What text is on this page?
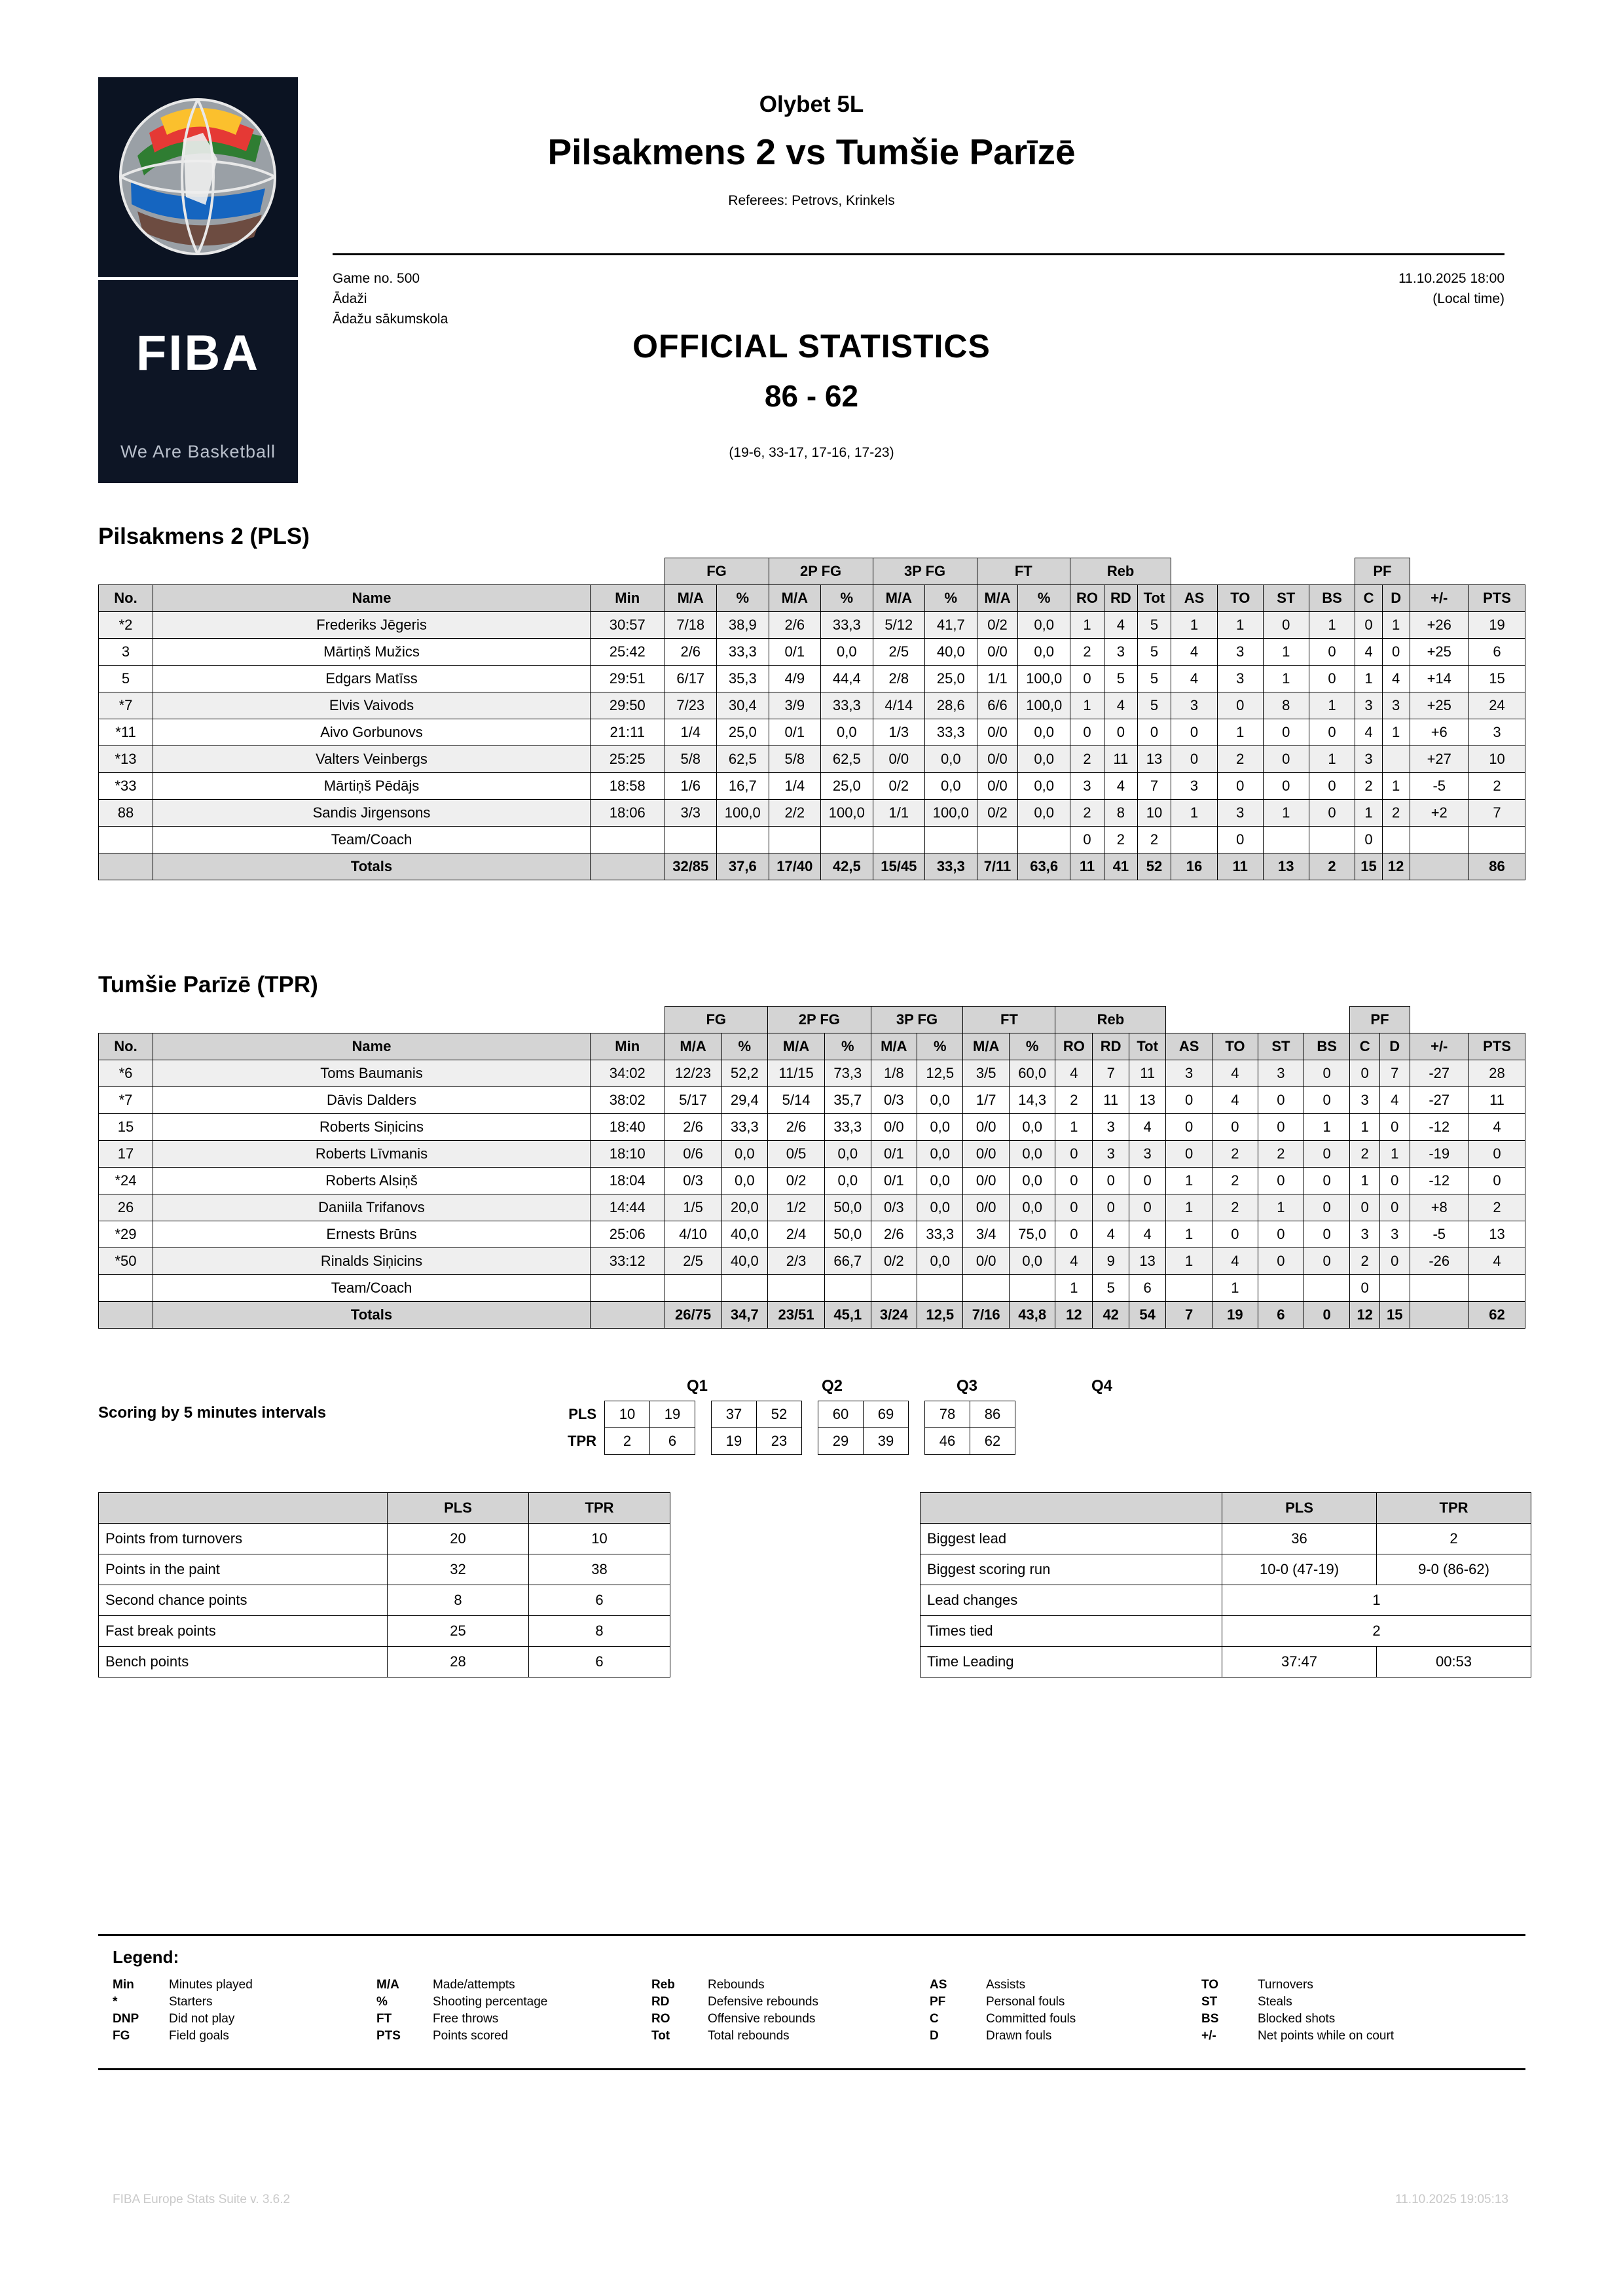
FIBA
We Are Basketball
Olybet 5L
Pilsakmens 2 vs Tumšie Parīzē
Referees: Petrovs, Krinkels
Game no. 500
Ādaži
Ādažu sākumskola
11.10.2025 18:00
(Local time)
OFFICIAL STATISTICS
86 - 62
(19-6, 33-17, 17-16, 17-23)
Pilsakmens 2 (PLS)
			FG		2P FG		3P FG		FT		Reb							PF			
No.	Name	Min	M/A	%	M/A	%	M/A	%	M/A	%	RO	RD	Tot	AS	TO	ST	BS	C	D	+/-	PTS
*2	Frederiks Jēgeris	30:57	7/18	38,9	2/6	33,3	5/12	41,7	0/2	0,0	1	4	5	1	1	0	1	0	1	+26	19
3	Mārtiņš Mužics	25:42	2/6	33,3	0/1	0,0	2/5	40,0	0/0	0,0	2	3	5	4	3	1	0	4	0	+25	6
5	Edgars Matīss	29:51	6/17	35,3	4/9	44,4	2/8	25,0	1/1	100,0	0	5	5	4	3	1	0	1	4	+14	15
*7	Elvis Vaivods	29:50	7/23	30,4	3/9	33,3	4/14	28,6	6/6	100,0	1	4	5	3	0	8	1	3	3	+25	24
*11	Aivo Gorbunovs	21:11	1/4	25,0	0/1	0,0	1/3	33,3	0/0	0,0	0	0	0	0	1	0	0	4	1	+6	3
*13	Valters Veinbergs	25:25	5/8	62,5	5/8	62,5	0/0	0,0	0/0	0,0	2	11	13	0	2	0	1	3		+27	10
*33	Mārtiņš Pēdājs	18:58	1/6	16,7	1/4	25,0	0/2	0,0	0/0	0,0	3	4	7	3	0	0	0	2	1	-5	2
88	Sandis Jirgensons	18:06	3/3	100,0	2/2	100,0	1/1	100,0	0/2	0,0	2	8	10	1	3	1	0	1	2	+2	7
	Team/Coach										0	2	2		0			0			
	Totals		32/85	37,6	17/40	42,5	15/45	33,3	7/11	63,6	11	41	52	16	11	13	2	15	12		86
Tumšie Parīzē (TPR)
			FG		2P FG		3P FG		FT		Reb							PF			
No.	Name	Min	M/A	%	M/A	%	M/A	%	M/A	%	RO	RD	Tot	AS	TO	ST	BS	C	D	+/-	PTS
*6	Toms Baumanis	34:02	12/23	52,2	11/15	73,3	1/8	12,5	3/5	60,0	4	7	11	3	4	3	0	0	7	-27	28
*7	Dāvis Dalders	38:02	5/17	29,4	5/14	35,7	0/3	0,0	1/7	14,3	2	11	13	0	4	0	0	3	4	-27	11
15	Roberts Siņicins	18:40	2/6	33,3	2/6	33,3	0/0	0,0	0/0	0,0	1	3	4	0	0	0	1	1	0	-12	4
17	Roberts Līvmanis	18:10	0/6	0,0	0/5	0,0	0/1	0,0	0/0	0,0	0	3	3	0	2	2	0	2	1	-19	0
*24	Roberts Alsiņš	18:04	0/3	0,0	0/2	0,0	0/1	0,0	0/0	0,0	0	0	0	1	2	0	0	1	0	-12	0
26	Daniila Trifanovs	14:44	1/5	20,0	1/2	50,0	0/3	0,0	0/0	0,0	0	0	0	1	2	1	0	0	0	+8	2
*29	Ernests Brūns	25:06	4/10	40,0	2/4	50,0	2/6	33,3	3/4	75,0	0	4	4	1	0	0	0	3	3	-5	13
*50	Rinalds Siņicins	33:12	2/5	40,0	2/3	66,7	0/2	0,0	0/0	0,0	4	9	13	1	4	0	0	2	0	-26	4
	Team/Coach										1	5	6		1			0			
	Totals		26/75	34,7	23/51	45,1	3/24	12,5	7/16	43,8	12	42	54	7	19	6	0	12	15		62
Scoring by 5 minutes intervals
Q1	Q2	Q3	Q4
PLS	10	19		37	52		60	69		78	86
TPR	2	6		19	23		29	39		46	62
	PLS	TPR
Points from turnovers	20	10
Points in the paint	32	38
Second chance points	8	6
Fast break points	25	8
Bench points	28	6
	PLS	TPR
Biggest lead	36	2
Biggest scoring run	10-0 (47-19)	9-0 (86-62)
Lead changes	1	
Times tied	2	
Time Leading	37:47	00:53
Legend:
Min	Minutes played
*	Starters
DNP	Did not play
FG	Field goals
M/A	Made/attempts
%	Shooting percentage
FT	Free throws
PTS	Points scored
Reb	Rebounds
RD	Defensive rebounds
RO	Offensive rebounds
Tot	Total rebounds
AS	Assists
PF	Personal fouls
C	Committed fouls
D	Drawn fouls
TO	Turnovers
ST	Steals
BS	Blocked shots
+/-	Net points while on court
FIBA Europe Stats Suite v. 3.6.2	11.10.2025 19:05:13
